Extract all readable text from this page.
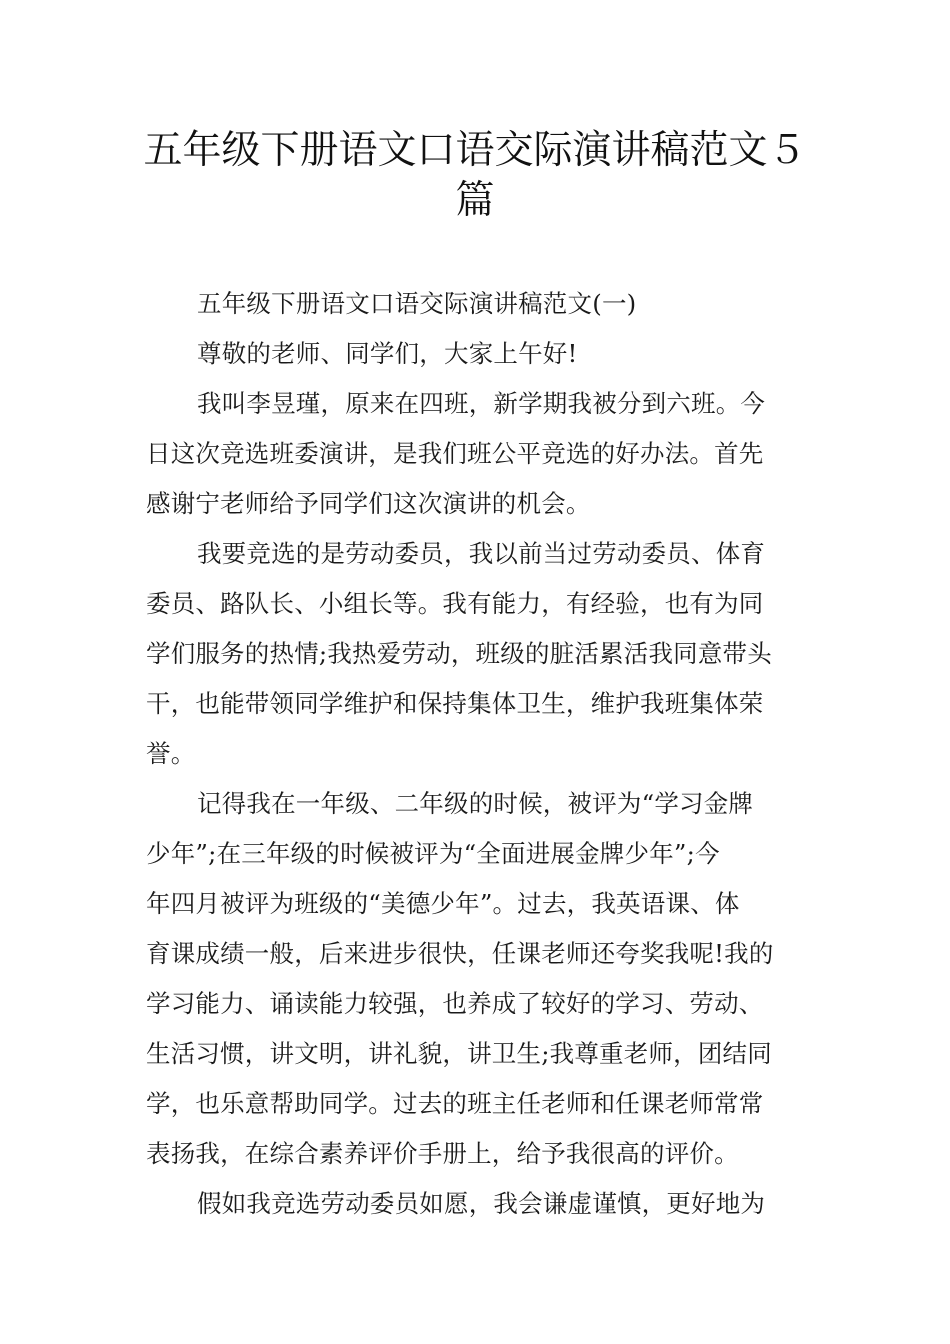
五年级下册语文口语交际演讲稿范文５
篇

五年级下册语文口语交际演讲稿范文(一)

尊敬的老师、同学们，大家上午好!

我叫李昱瑾，原来在四班，新学期我被分到六班。今
日这次竞选班委演讲，是我们班公平竞选的好办法。首先
感谢宁老师给予同学们这次演讲的机会。

我要竞选的是劳动委员，我以前当过劳动委员、体育
委员、路队长、小组长等。我有能力，有经验，也有为同
学们服务的热情;我热爱劳动，班级的脏活累活我同意带头
干，也能带领同学维护和保持集体卫生，维护我班集体荣
誉。

记得我在一年级、二年级的时候，被评为“学习金牌
少年”;在三年级的时候被评为“全面进展金牌少年”;今
年四月被评为班级的“美德少年”。过去，我英语课、体
育课成绩一般，后来进步很快，任课老师还夸奖我呢!我的
学习能力、诵读能力较强，也养成了较好的学习、劳动、
生活习惯，讲文明，讲礼貌，讲卫生;我尊重老师，团结同
学，也乐意帮助同学。过去的班主任老师和任课老师常常
表扬我，在综合素养评价手册上，给予我很高的评价。

假如我竞选劳动委员如愿，我会谦虚谨慎，更好地为
